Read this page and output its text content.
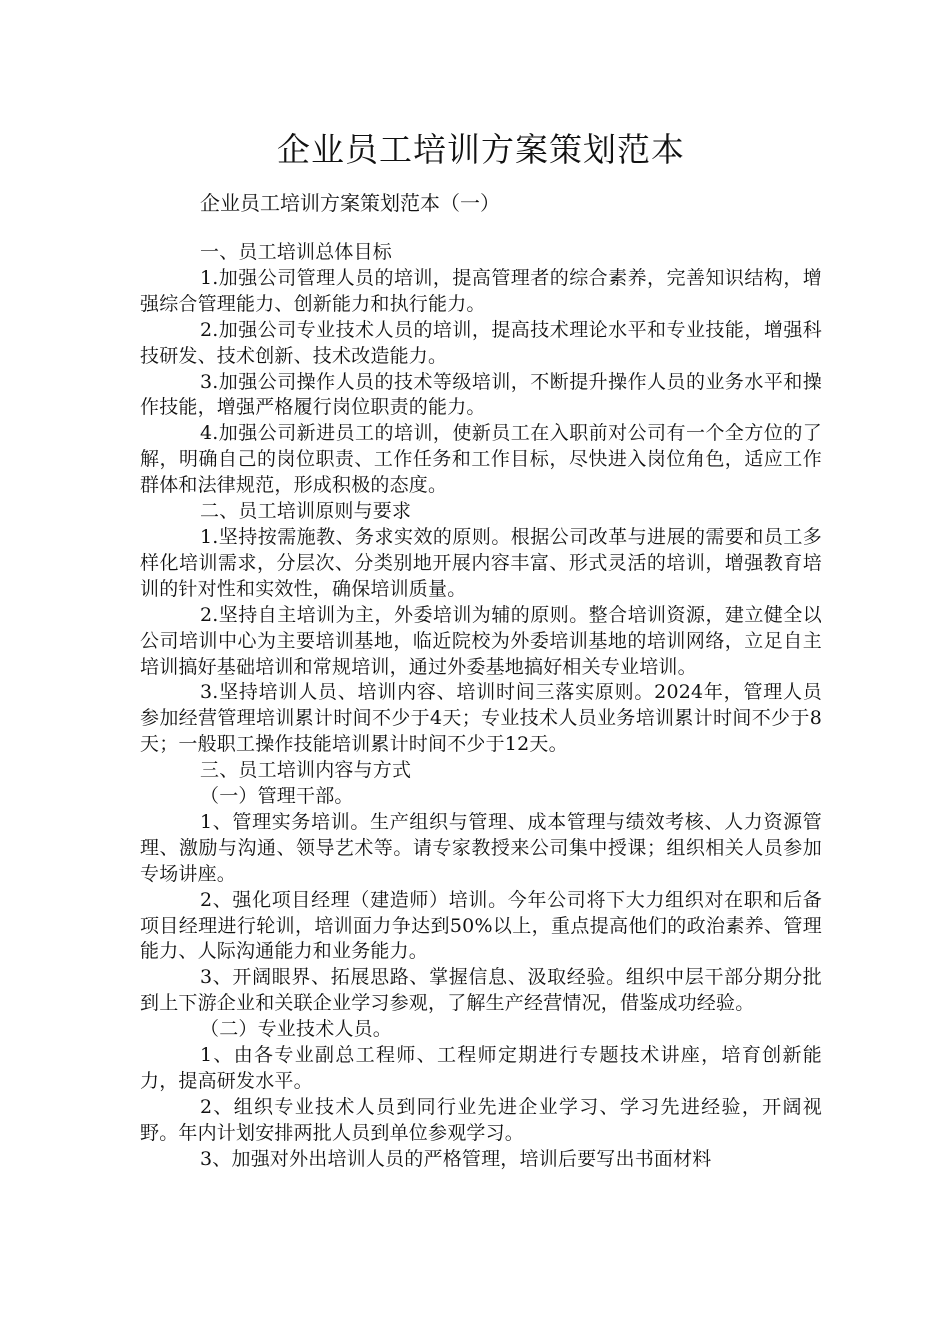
企业员工培训方案策划范本

企业员工培训方案策划范本（一）

一、员工培训总体目标

1.加强公司管理人员的培训，提高管理者的综合素养，完善知识结构，增强综合管理能力、创新能力和执行能力。

2.加强公司专业技术人员的培训，提高技术理论水平和专业技能，增强科技研发、技术创新、技术改造能力。

3.加强公司操作人员的技术等级培训，不断提升操作人员的业务水平和操作技能，增强严格履行岗位职责的能力。

4.加强公司新进员工的培训，使新员工在入职前对公司有一个全方位的了解，明确自己的岗位职责、工作任务和工作目标，尽快进入岗位角色，适应工作群体和法律规范，形成积极的态度。

二、员工培训原则与要求

1.坚持按需施教、务求实效的原则。根据公司改革与进展的需要和员工多样化培训需求，分层次、分类别地开展内容丰富、形式灵活的培训，增强教育培训的针对性和实效性，确保培训质量。

2.坚持自主培训为主，外委培训为辅的原则。整合培训资源，建立健全以公司培训中心为主要培训基地，临近院校为外委培训基地的培训网络，立足自主培训搞好基础培训和常规培训，通过外委基地搞好相关专业培训。

3.坚持培训人员、培训内容、培训时间三落实原则。2024年，管理人员参加经营管理培训累计时间不少于4天；专业技术人员业务培训累计时间不少于8天；一般职工操作技能培训累计时间不少于12天。

三、员工培训内容与方式

（一）管理干部。

1、管理实务培训。生产组织与管理、成本管理与绩效考核、人力资源管理、激励与沟通、领导艺术等。请专家教授来公司集中授课；组织相关人员参加专场讲座。

2、强化项目经理（建造师）培训。今年公司将下大力组织对在职和后备项目经理进行轮训，培训面力争达到50%以上，重点提高他们的政治素养、管理能力、人际沟通能力和业务能力。

3、开阔眼界、拓展思路、掌握信息、汲取经验。组织中层干部分期分批到上下游企业和关联企业学习参观，了解生产经营情况，借鉴成功经验。

（二）专业技术人员。

1、由各专业副总工程师、工程师定期进行专题技术讲座，培育创新能力，提高研发水平。

2、组织专业技术人员到同行业先进企业学习、学习先进经验，开阔视野。年内计划安排两批人员到单位参观学习。

3、加强对外出培训人员的严格管理，培训后要写出书面材料
